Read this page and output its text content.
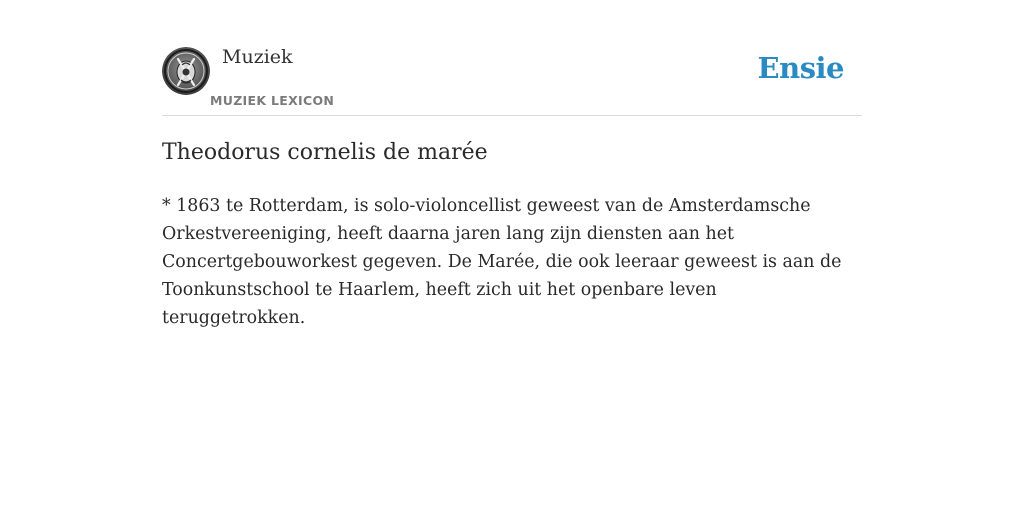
Muziek
MUZIEK LEXICON
Ensie
Theodorus cornelis de marée

* 1863 te Rotterdam, is solo-violoncellist geweest van de Amsterdamsche Orkestvereeniging, heeft daarna jaren lang zijn diensten aan het Concertgebouworkest gegeven. De Marée, die ook leeraar geweest is aan de Toonkunstschool te Haarlem, heeft zich uit het openbare leven teruggetrokken.
